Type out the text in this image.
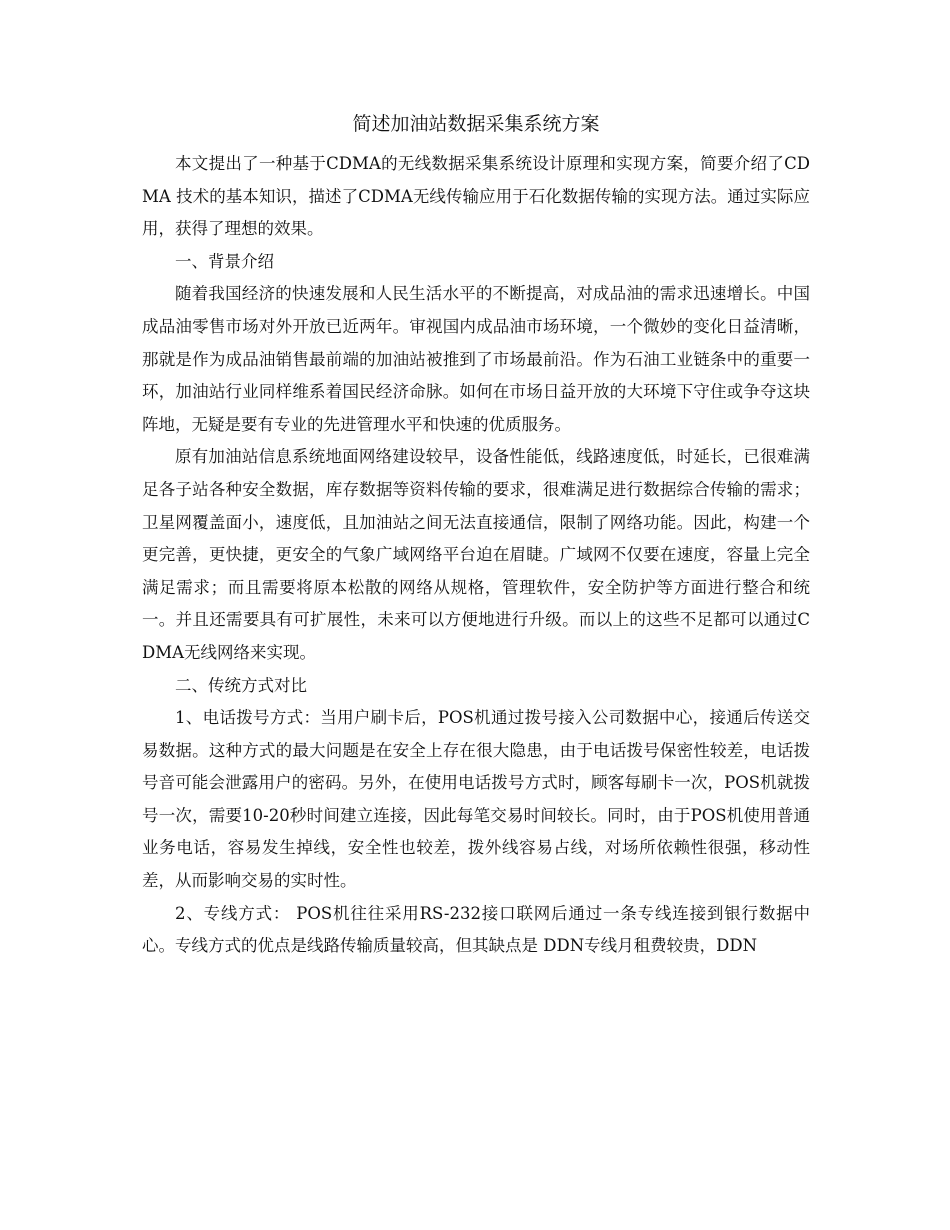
简述加油站数据采集系统方案

本文提出了一种基于CDMA的无线数据采集系统设计原理和实现方案，简要介绍了CDMA 技术的基本知识，描述了CDMA无线传输应用于石化数据传输的实现方法。通过实际应用，获得了理想的效果。

一、背景介绍

随着我国经济的快速发展和人民生活水平的不断提高，对成品油的需求迅速增长。中国成品油零售市场对外开放已近两年。审视国内成品油市场环境，一个微妙的变化日益清晰，那就是作为成品油销售最前端的加油站被推到了市场最前沿。作为石油工业链条中的重要一环，加油站行业同样维系着国民经济命脉。如何在市场日益开放的大环境下守住或争夺这块阵地，无疑是要有专业的先进管理水平和快速的优质服务。

原有加油站信息系统地面网络建设较早，设备性能低，线路速度低，时延长，已很难满足各子站各种安全数据，库存数据等资料传输的要求，很难满足进行数据综合传输的需求；卫星网覆盖面小，速度低，且加油站之间无法直接通信，限制了网络功能。因此，构建一个更完善，更快捷，更安全的气象广域网络平台迫在眉睫。广域网不仅要在速度，容量上完全满足需求；而且需要将原本松散的网络从规格，管理软件，安全防护等方面进行整合和统一。并且还需要具有可扩展性，未来可以方便地进行升级。而以上的这些不足都可以通过CDMA无线网络来实现。

二、传统方式对比

1、电话拨号方式：当用户刷卡后，POS机通过拨号接入公司数据中心，接通后传送交易数据。这种方式的最大问题是在安全上存在很大隐患，由于电话拨号保密性较差，电话拨号音可能会泄露用户的密码。另外，在使用电话拨号方式时，顾客每刷卡一次，POS机就拨号一次，需要10-20秒时间建立连接，因此每笔交易时间较长。同时，由于POS机使用普通业务电话，容易发生掉线，安全性也较差，拨外线容易占线，对场所依赖性很强，移动性差，从而影响交易的实时性。

2、专线方式： POS机往往采用RS-232接口联网后通过一条专线连接到银行数据中心。专线方式的优点是线路传输质量较高，但其缺点是 DDN专线月租费较贵，DDN
